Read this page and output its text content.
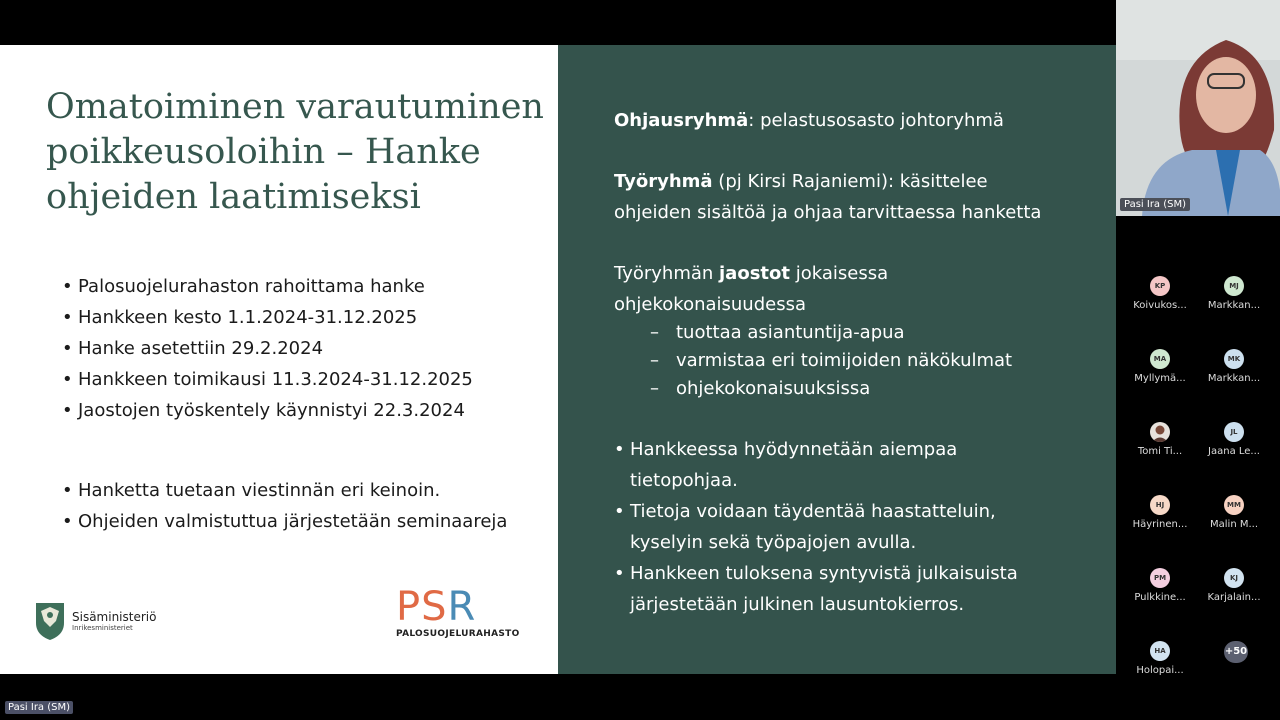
Omatoiminen varautuminen
poikkeusoloihin – Hanke
ohjeiden laatimiseksi
• Palosuojelurahaston rahoittama hanke
• Hankkeen kesto 1.1.2024-31.12.2025
• Hanke asetettiin 29.2.2024
• Hankkeen toimikausi 11.3.2024-31.12.2025
• Jaostojen työskentely käynnistyi 22.3.2024
• Hanketta tuetaan viestinnän eri keinoin.
• Ohjeiden valmistuttua järjestetään seminaareja
Sisäministeriö
Inrikesministeriet	PSR
PALOSUOJELURAHASTO

Ohjausryhmä: pelastusosasto johtoryhmä

Työryhmä (pj Kirsi Rajaniemi): käsittelee

ohjeiden sisältöä ja ohjaa tarvittaessa hanketta

Työryhmän jaostot jokaisessa

ohjekokonaisuudessa

– tuottaa asiantuntija-apua
– varmistaa eri toimijoiden näkökulmat
– ohjekokonaisuuksissa
• Hankkeessa hyödynnetään aiempaa
tietopohjaa.
• Tietoja voidaan täydentää haastatteluin,
kyselyin sekä työpajojen avulla.
• Hankkeen tuloksena syntyvistä julkaisuista
järjestetään julkinen lausuntokierros.
Pasi Ira (SM)
KP
Koivukos...
MJ
Markkan...
MA
Myllymä...
MK
Markkan...
Tomi Ti...
JL
Jaana Le...
HJ
Häyrinen...
MM
Malin M...
PM
Pulkkine...
KJ
Karjalain...
HA
Holopai...
+50
Pasi Ira (SM)
